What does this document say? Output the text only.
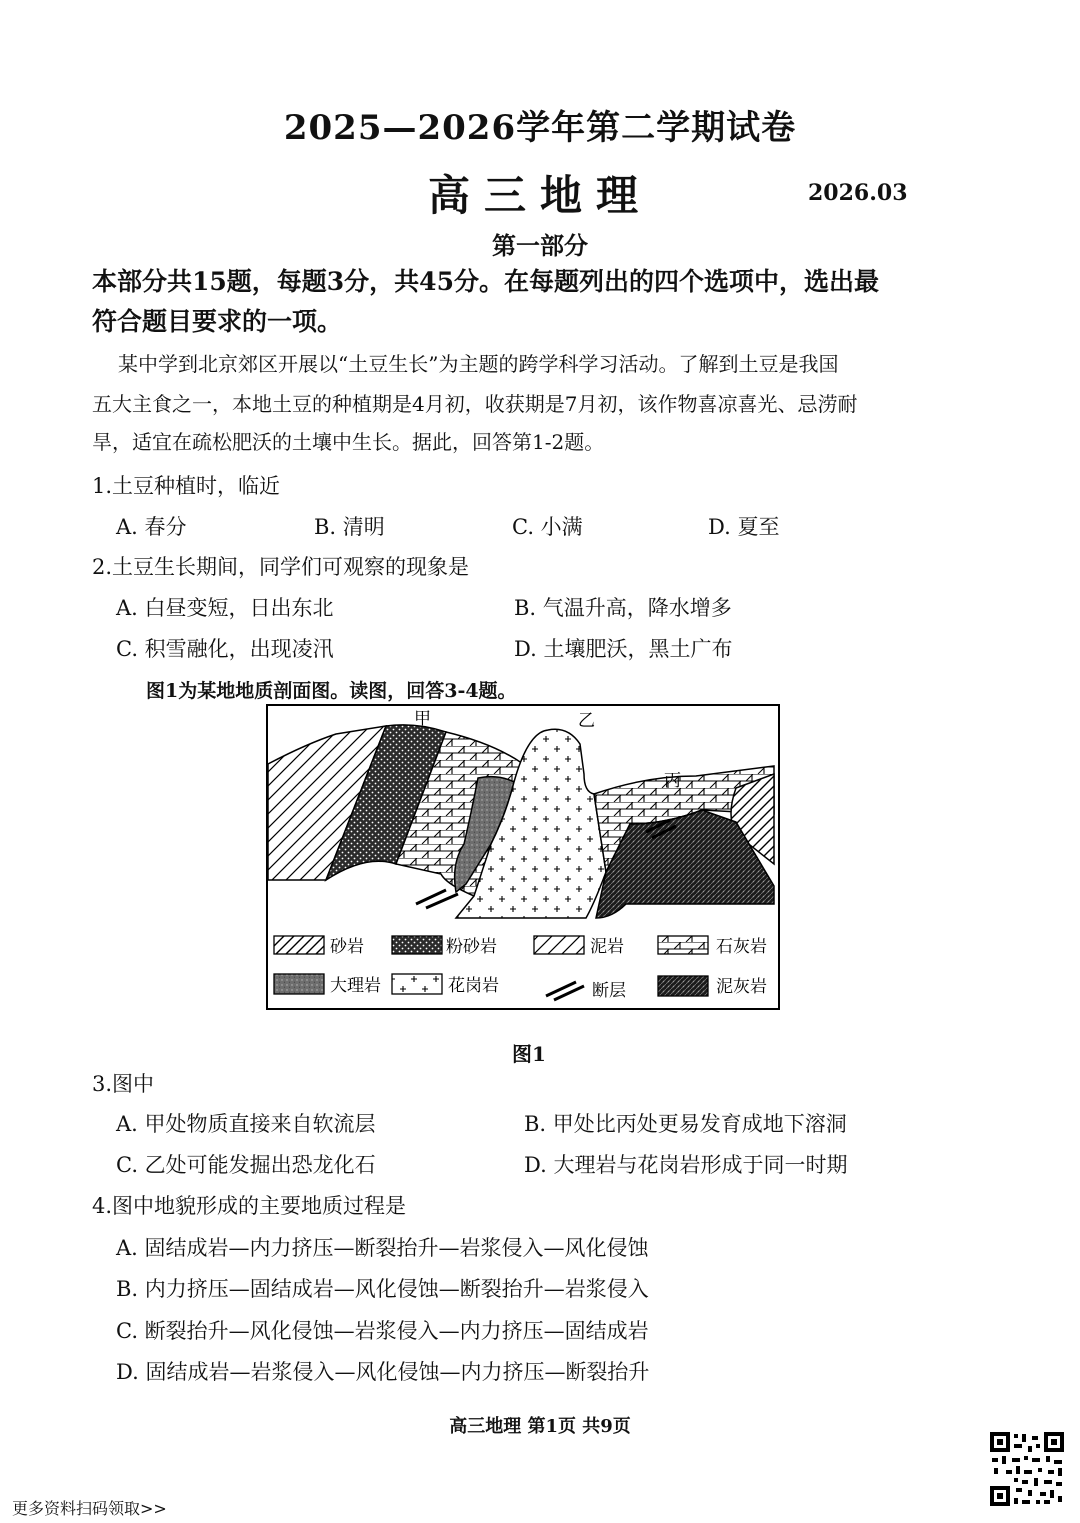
2025—2026学年第二学期试卷
高三地理	2026.03
第一部分
本部分共15题，每题3分，共45分。在每题列出的四个选项中，选出最
符合题目要求的一项。
某中学到北京郊区开展以“土豆生长”为主题的跨学科学习活动。了解到土豆是我国
五大主食之一，本地土豆的种植期是4月初，收获期是7月初，该作物喜凉喜光、忌涝耐
旱，适宜在疏松肥沃的土壤中生长。据此，回答第1-2题。
1.土豆种植时，临近
A. 春分	B. 清明	C. 小满	D. 夏至
2.土豆生长期间，同学们可观察的现象是
A. 白昼变短，日出东北	B. 气温升高，降水增多
C. 积雪融化，出现凌汛	D. 土壤肥沃，黑土广布
图1为某地地质剖面图。读图，回答3-4题。
甲	乙
丙
砂岩	粉砂岩	泥岩	石灰岩
大理岩	花岗岩	断层	泥灰岩
图1
3.图中
A. 甲处物质直接来自软流层	B. 甲处比丙处更易发育成地下溶洞
C. 乙处可能发掘出恐龙化石	D. 大理岩与花岗岩形成于同一时期
4.图中地貌形成的主要地质过程是
A. 固结成岩—内力挤压—断裂抬升—岩浆侵入—风化侵蚀
B. 内力挤压—固结成岩—风化侵蚀—断裂抬升—岩浆侵入
C. 断裂抬升—风化侵蚀—岩浆侵入—内力挤压—固结成岩
D. 固结成岩—岩浆侵入—风化侵蚀—内力挤压—断裂抬升
高三地理 第1页 共9页
更多资料扫码领取>>
